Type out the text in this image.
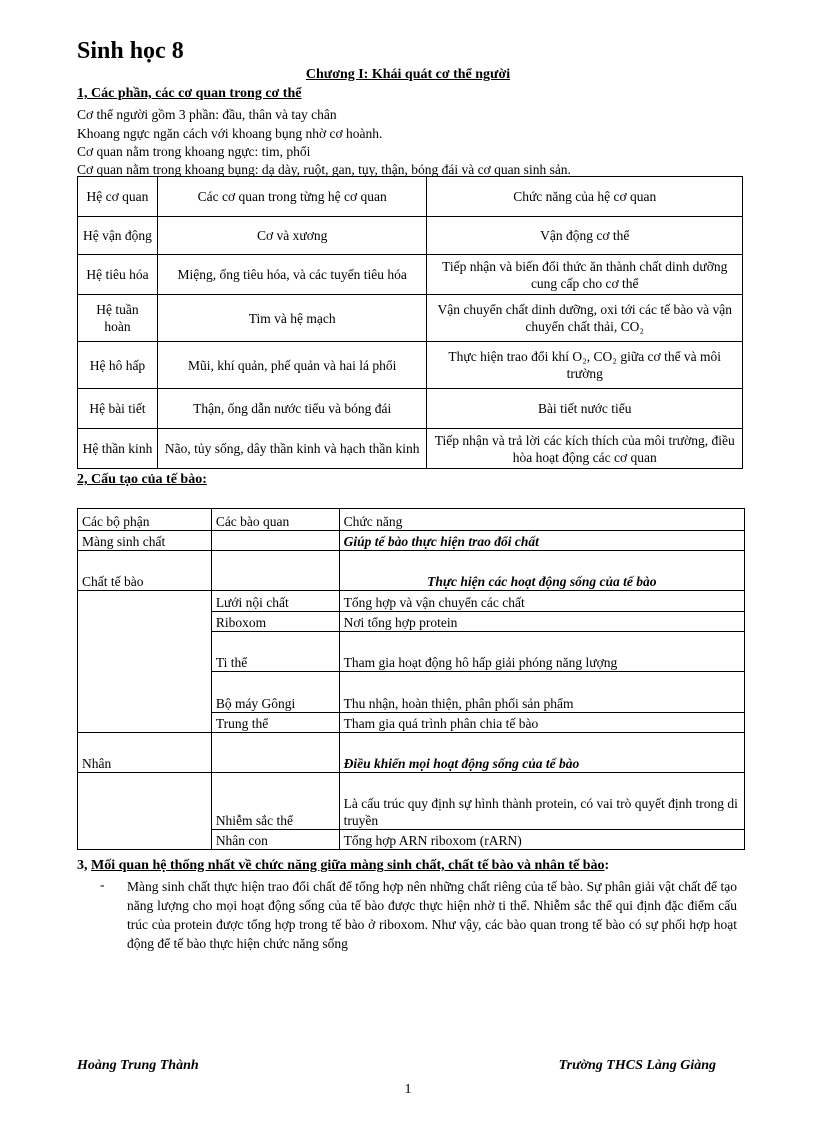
Sinh học 8
Chương I: Khái quát cơ thể người
1, Các phần, các cơ quan trong cơ thể
Cơ thể người gồm 3 phần: đầu, thân và tay chân
Khoang ngực ngăn cách với khoang bụng nhờ cơ hoành.
Cơ quan nằm trong khoang ngực: tim, phổi
Cơ quan nằm trong khoang bụng: dạ dày, ruột, gan, tụy, thận, bóng đái và cơ quan sinh sản.
Hệ cơ quan	Các cơ quan trong từng hệ cơ quan	Chức năng của hệ cơ quan
Hệ vận động	Cơ và xương	Vận động cơ thể
Hệ tiêu hóa	Miệng, ống tiêu hóa, và các tuyến tiêu hóa	Tiếp nhận và biến đổi thức ăn thành chất dinh dưỡng cung cấp cho cơ thể
Hệ tuần hoàn	Tim và hệ mạch	Vận chuyển chất dinh dưỡng, oxi tới các tế bào và vận chuyển chất thải, CO₂
Hệ hô hấp	Mũi, khí quản, phế quản và hai lá phổi	Thực hiện trao đổi khí O₂, CO₂ giữa cơ thể và môi trường
Hệ bài tiết	Thận, ống dẫn nước tiểu và bóng đái	Bài tiết nước tiểu
Hệ thần kinh	Não, tủy sống, dây thần kinh và hạch thần kinh	Tiếp nhận và trả lời các kích thích của môi trường, điều hòa hoạt động các cơ quan
2, Cấu tạo của tế bào:
Các bộ phận	Các bào quan	Chức năng
Màng sinh chất		Giúp tế bào thực hiện trao đổi chất
Chất tế bào		Thực hiện các hoạt động sống của tế bào
	Lưới nội chất	Tổng hợp và vận chuyển các chất
	Riboxom	Nơi tổng hợp protein
	Ti thể	Tham gia hoạt động hô hấp giải phóng năng lượng
	Bộ máy Gôngi	Thu nhận, hoàn thiện, phân phối sản phẩm
	Trung thể	Tham gia quá trình phân chia tế bào
Nhân		Điều khiển mọi hoạt động sống của tế bào
	Nhiễm sắc thể	Là cấu trúc quy định sự hình thành protein, có vai trò quyết định trong di truyền
	Nhân con	Tổng hợp ARN riboxom (rARN)
3, Mối quan hệ thống nhất về chức năng giữa màng sinh chất, chất tế bào và nhân tế bào:
- Màng sinh chất thực hiện trao đổi chất để tổng hợp nên những chất riêng của tế bào. Sự phân giải vật chất để tạo năng lượng cho mọi hoạt động sống của tế bào được thực hiện nhờ ti thể. Nhiễm sắc thể qui định đặc điểm cấu trúc của protein được tổng hợp trong tế bào ở riboxom. Như vậy, các bào quan trong tế bào có sự phối hợp hoạt động để tế bào thực hiện chức năng sống
Hoàng Trung Thành	Trường THCS Làng Giàng
1
